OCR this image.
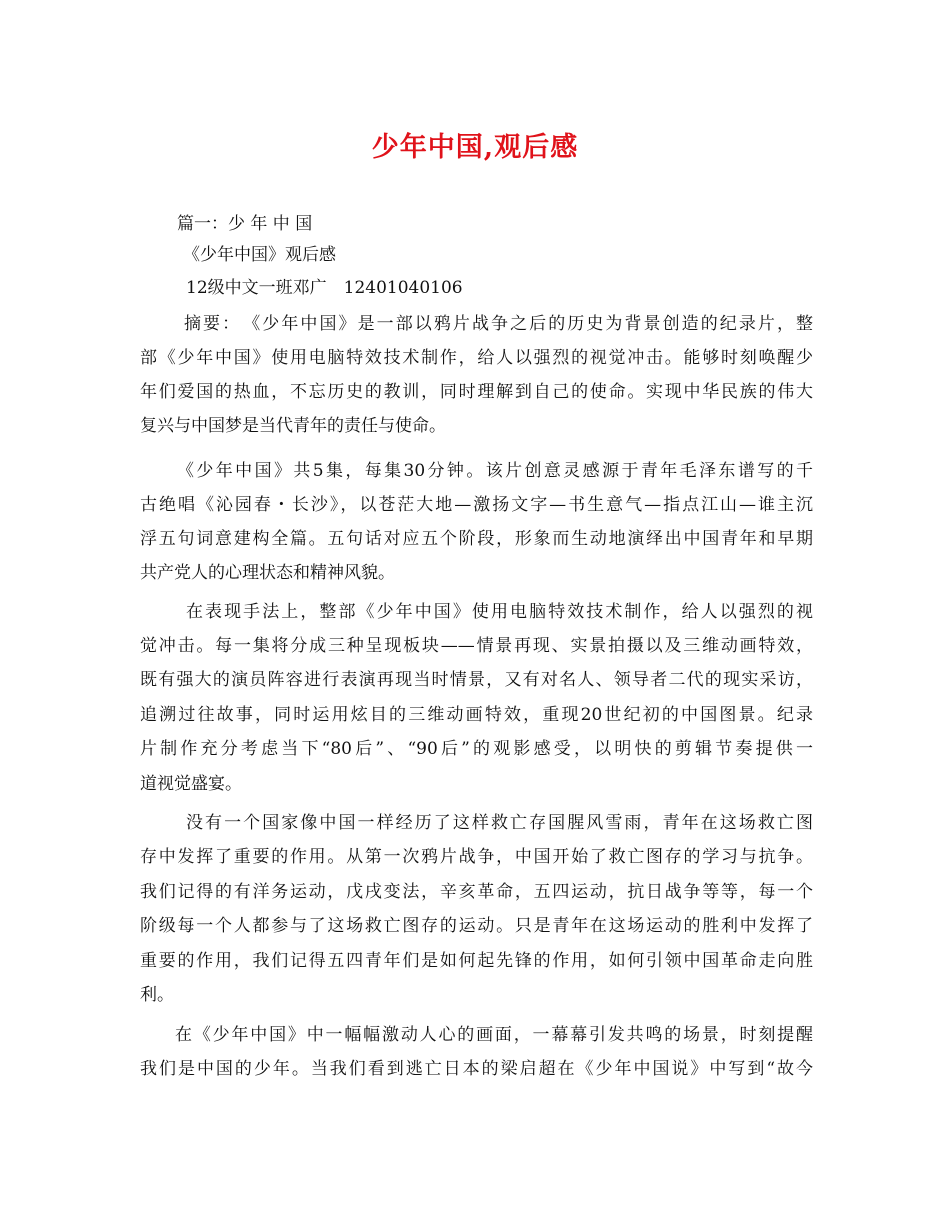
少年中国,观后感
篇一：少 年 中 国
《少年中国》观后感
12级中文一班邓广　12401040106
摘要：　《少年中国》是一部以鸦片战争之后的历史为背景创造的纪录片，整
部《少年中国》使用电脑特效技术制作，给人以强烈的视觉冲击。能够时刻唤醒少
年们爱国的热血，不忘历史的教训，同时理解到自己的使命。实现中华民族的伟大
复兴与中国梦是当代青年的责任与使命。
《少年中国》共5集，每集30分钟。该片创意灵感源于青年毛泽东谱写的千
古绝唱《沁园春・长沙》，以苍茫大地—激扬文字—书生意气—指点江山—谁主沉
浮五句词意建构全篇。五句话对应五个阶段，形象而生动地演绎出中国青年和早期
共产党人的心理状态和精神风貌。
在表现手法上，整部《少年中国》使用电脑特效技术制作，给人以强烈的视
觉冲击。每一集将分成三种呈现板块——情景再现、实景拍摄以及三维动画特效，
既有强大的演员阵容进行表演再现当时情景，又有对名人、领导者二代的现实采访，
追溯过往故事，同时运用炫目的三维动画特效，重现20世纪初的中国图景。纪录
片制作充分考虑当下“80后”、“90后”的观影感受，以明快的剪辑节奏提供一
道视觉盛宴。
没有一个国家像中国一样经历了这样救亡存国腥风雪雨，青年在这场救亡图
存中发挥了重要的作用。从第一次鸦片战争，中国开始了救亡图存的学习与抗争。
我们记得的有洋务运动，戊戌变法，辛亥革命，五四运动，抗日战争等等，每一个
阶级每一个人都参与了这场救亡图存的运动。只是青年在这场运动的胜利中发挥了
重要的作用，我们记得五四青年们是如何起先锋的作用，如何引领中国革命走向胜
利。
在《少年中国》中一幅幅激动人心的画面，一幕幕引发共鸣的场景，时刻提醒
我们是中国的少年。当我们看到逃亡日本的梁启超在《少年中国说》中写到“故今
